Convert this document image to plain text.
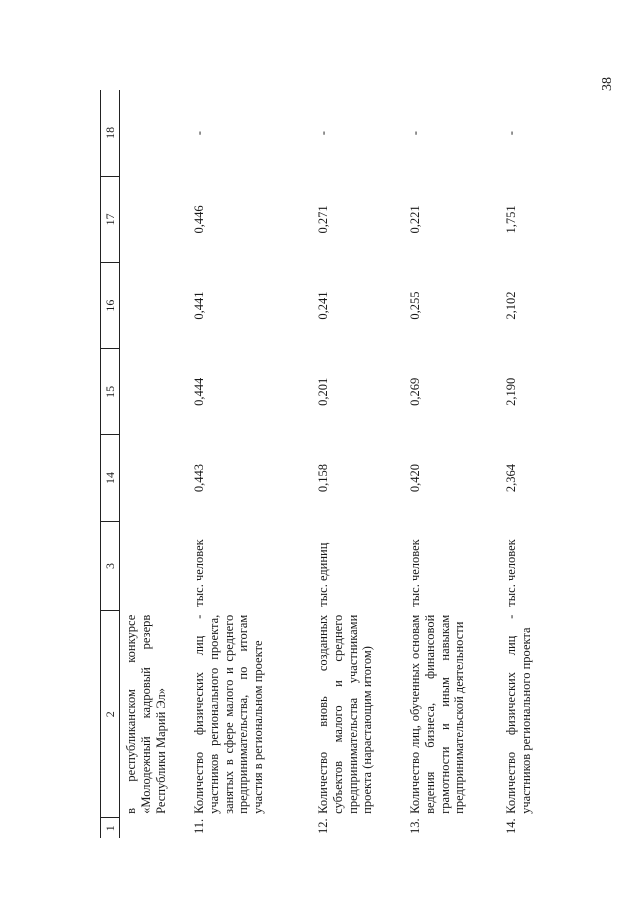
38
1	2	3	14	15	16	17	18
	в республиканском конкурсе «Молодежный кадровый резерв Республики Марий Эл»						
11.	Количество физических лиц - участников регионального проекта, занятых в сфере малого и среднего предпринимательства, по итогам участия в региональном проекте	тыс. человек	0,443	0,444	0,441	0,446	-
12.	Количество вновь созданных субъектов малого и среднего предпринимательства участниками проекта (нарастающим итогом)	тыс. единиц	0,158	0,201	0,241	0,271	-
13.	Количество лиц, обученных основам ведения бизнеса, финансовой грамотности и иным навыкам предпринимательской деятельности	тыс. человек	0,420	0,269	0,255	0,221	-
14.	Количество физических лиц - участников регионального проекта	тыс. человек	2,364	2,190	2,102	1,751	-
